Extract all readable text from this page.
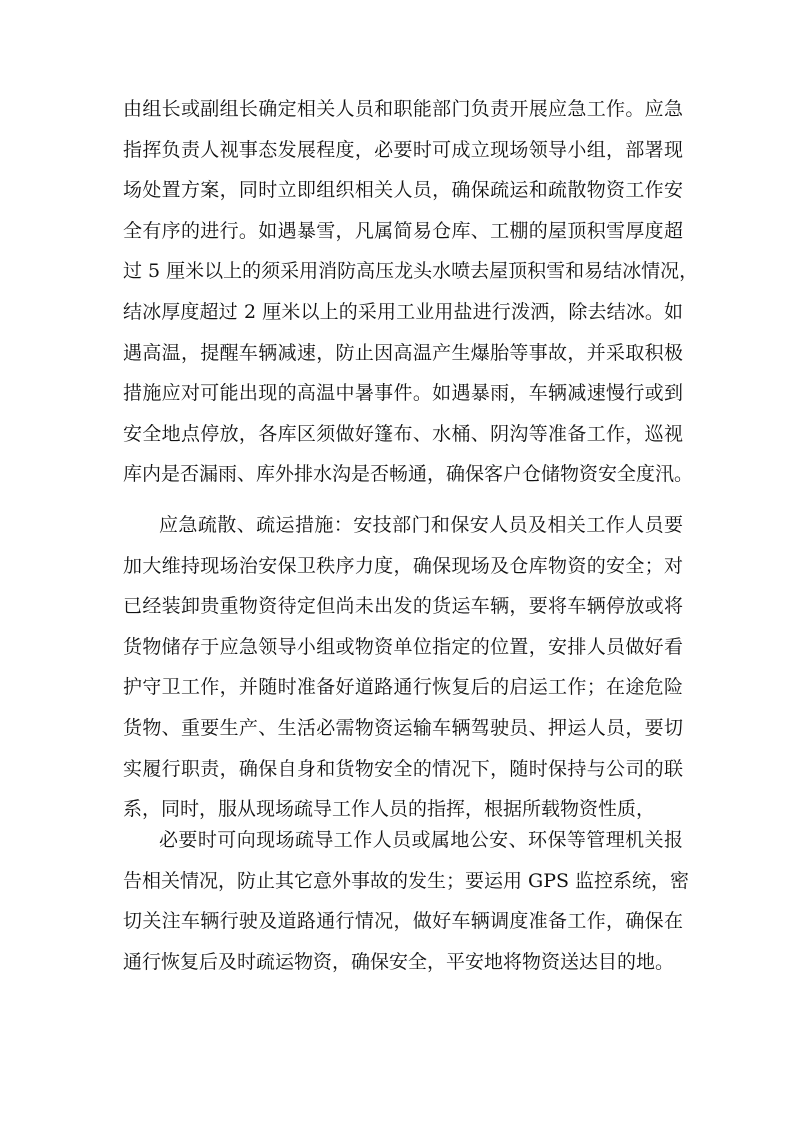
由组长或副组长确定相关人员和职能部门负责开展应急工作。应急
指挥负责人视事态发展程度，必要时可成立现场领导小组，部署现
场处置方案，同时立即组织相关人员，确保疏运和疏散物资工作安
全有序的进行。如遇暴雪，凡属简易仓库、工棚的屋顶积雪厚度超
过 5 厘米以上的须采用消防高压龙头水喷去屋顶积雪和易结冰情况，
结冰厚度超过 2 厘米以上的采用工业用盐进行泼洒，除去结冰。如
遇高温，提醒车辆减速，防止因高温产生爆胎等事故，并采取积极
措施应对可能出现的高温中暑事件。如遇暴雨，车辆减速慢行或到
安全地点停放，各库区须做好篷布、水桶、阴沟等准备工作，巡视
库内是否漏雨、库外排水沟是否畅通，确保客户仓储物资安全度汛。
应急疏散、疏运措施：安技部门和保安人员及相关工作人员要
加大维持现场治安保卫秩序力度，确保现场及仓库物资的安全；对
已经装卸贵重物资待定但尚未出发的货运车辆，要将车辆停放或将
货物储存于应急领导小组或物资单位指定的位置，安排人员做好看
护守卫工作，并随时准备好道路通行恢复后的启运工作；在途危险
货物、重要生产、生活必需物资运输车辆驾驶员、押运人员，要切
实履行职责，确保自身和货物安全的情况下，随时保持与公司的联
系，同时，服从现场疏导工作人员的指挥，根据所载物资性质，
必要时可向现场疏导工作人员或属地公安、环保等管理机关报
告相关情况，防止其它意外事故的发生；要运用 GPS 监控系统，密
切关注车辆行驶及道路通行情况，做好车辆调度准备工作，确保在
通行恢复后及时疏运物资，确保安全，平安地将物资送达目的地。
